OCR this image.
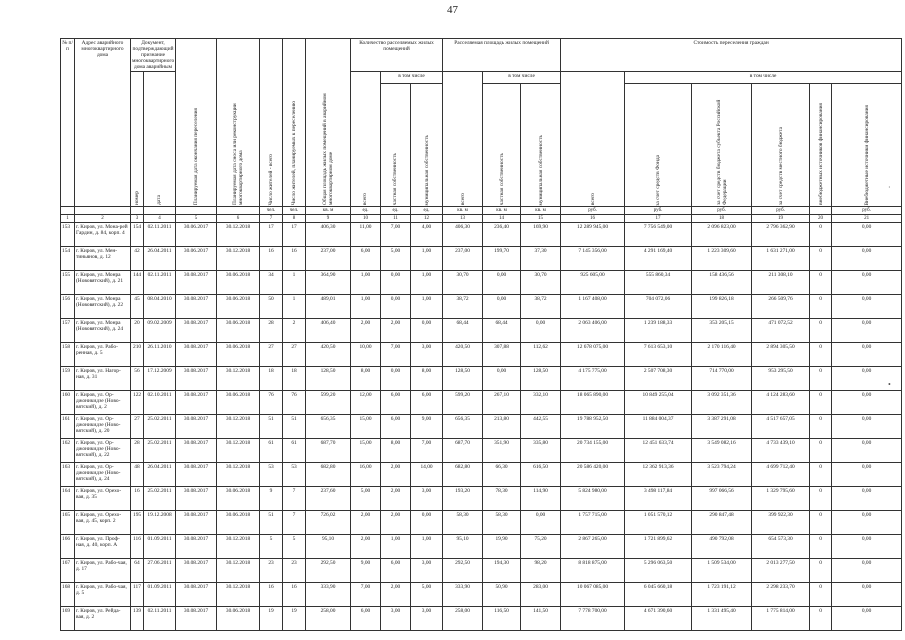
47
№ п/п	Адрес аварийного многоквартирного дома	Документ, подтверждающий признание многоквартирного дома аварийным		Планируемая дата окончания переселения	Планируемая дата сноса или реконструкции многоквартирного дома	Число жителей - всего	Число жителей, планируемых к переселению	Общая площадь жилых помещений в аварийном многоквартирном доме	Количество расселяемых жилых помещений			Расселяемая площадь жилых помещений			Стоимость переселения граждан					

		номер	дата						всего	в том числе		всего	в том числе		всего	в том числе				

										частная собственность	муниципальная собственность		частная собственность	муниципальная собственность		за счет средств Фонда	за счет средств бюджета субъекта Российской Федерации	за счет средств местного бюджета	внебюджетных источников финансирования	Внебюджетные источники финансирования

						чел.	чел.	кв. м	ед.	ед.	ед.	кв. м	кв. м	кв. м	руб.	руб.	руб.	руб.		руб.
1	2	3	4	5	6	7	8	9	10	11	12	13	14	15	16	17	18	19	20	21
153	г. Киров, ул. Мона-рей Гардин, д. 84, корп. 4	154	02.11.2011	30.06.2017	30.12.2018	17	17	406,30	11,00	7,00	4,00	406,30	236,40	169,90	12 289 945,00	7 756 549,00	2 096 823,00	2 796 362,90	0	0,00
154	г. Киров, ул. Мен-тиньянов, д. 12	42	26.04.2011	30.06.2017	30.12.2018	16	16	237,00	6,00	5,00	1,00	237,00	199,70	37,30	7 145 356,00	4 291 169,40	1 223 309,60	1 631 271,00	0	0,00
155	г. Киров, ул. Монра (Нововятский), д. 21	144	02.11.2011	30.08.2017	30.06.2018	34	1	364,90	1,00	0,00	1,00	30,70	0,00	30,70	925 605,00	555 860,34	158 436,56	211 308,10	0	0,00
156	г. Киров, ул. Монра (Нововятский), д. 22	45	08.04.2010	30.08.2017	30.06.2018	50	1	489,01	1,00	0,00	1,00	38,72	0,00	38,72	1 167 408,00	704 072,06	199 826,18	266 509,76	0	0,00
157	г. Киров, ул. Монра (Нововятский), д. 24	20	09.02.2009	30.08.2017	30.06.2018	28	2	406,40	2,00	2,00	0,00	68,44	68,44	0,00	2 063 406,00	1 239 188,33	353 205,15	471 072,52	0	0,00
158	г. Киров, ул. Рабо-ренная, д. 5	210	26.11.2010	30.08.2017	30.06.2018	27	27	420,50	10,00	7,00	3,00	420,50	307,88	112,62	12 678 075,00	7 613 653,10	2 170 116,40	2 894 305,50	0	0,00
159	г. Киров, ул. Нагор-ная, д. 31	56	17.12.2009	30.08.2017	30.12.2018	18	18	128,50	8,00	0,00	8,00	128,50	0,00	128,50	4 175 775,00	2 507 708,30	714 770,00	953 295,50	0	0,00
160	г. Киров, ул. Ор-джоникидзе (Ново-вятский), д. 2	122	02.10.2011	30.08.2017	30.06.2018	76	76	599,20	12,00	6,00	6,00	599,20	267,10	332,10	18 065 890,00	10 849 255,04	3 092 351,36	4 124 283,60	0	0,00
161	г. Киров, ул. Ор-джоникидзе (Ново-вятский), д. 20	27	25.02.2011	30.08.2017	30.12.2018	51	51	656,35	15,00	6,00	9,00	656,35	213,80	442,55	19 788 952,50	11 884 004,37	3 387 291,08	4 517 657,05	0	0,00
162	г. Киров, ул. Ор-джоникидзе (Ново-вятский), д. 22	28	25.02.2011	30.08.2017	30.12.2018	61	61	687,70	15,00	8,00	7,00	687,70	351,90	335,80	20 734 155,00	12 451 633,74	3 549 082,16	4 733 439,10	0	0,00
163	г. Киров, ул. Ор-джоникидзе (Ново-вятский), д. 24	48	26.04.2011	30.08.2017	30.12.2018	53	53	682,80	16,00	2,00	14,00	682,80	66,30	616,50	20 586 420,00	12 362 913,36	3 523 794,24	4 699 712,40	0	0,00
164	г. Киров, ул. Орехо-вая, д. 35	16	25.02.2011	30.08.2017	30.06.2018	9	7	237,60	5,00	2,00	3,00	193,20	78,30	114,90	5 824 980,00	3 498 117,84	997 066,56	1 329 795,60	0	0,00
165	г. Киров, ул. Орехо-вая, д. 45, корп. 2	195	19.12.2008	30.08.2017	30.06.2018	51	7	726,02	2,00	2,00	0,00	58,30	58,30	0,00	1 757 715,00	1 051 570,12	290 847,48	399 922,30	0	0,00
166	г. Киров, ул. Проф-ная, д. 40, корп. А	116	01.09.2011	30.08.2017	30.12.2018	5	5	95,10	2,00	1,00	1,00	95,10	19,90	75,20	2 867 265,00	1 721 899,62	490 792,08	654 573,30	0	0,00
167	г. Киров, ул. Рабо-чая, д. 17	64	27.06.2011	30.08.2017	30.12.2018	23	23	292,50	9,00	6,00	3,00	292,50	194,30	98,20	8 818 875,00	5 296 063,50	1 509 534,00	2 013 277,50	0	0,00
168	г. Киров, ул. Рабо-чая, д. 5	117	01.09.2011	30.08.2017	30.12.2018	16	16	333,90	7,00	2,00	5,00	333,90	50,90	283,00	10 067 085,00	6 045 660,18	1 723 191,12	2 298 233,70	0	0,00
169	г. Киров, ул. Рейда-вая, д. 2	139	02.11.2011	30.08.2017	30.06.2018	19	19	258,00	6,00	3,00	3,00	258,00	116,50	141,50	7 778 700,00	4 671 390,60	1 331 495,40	1 775 814,00	0	0,00
·
•
